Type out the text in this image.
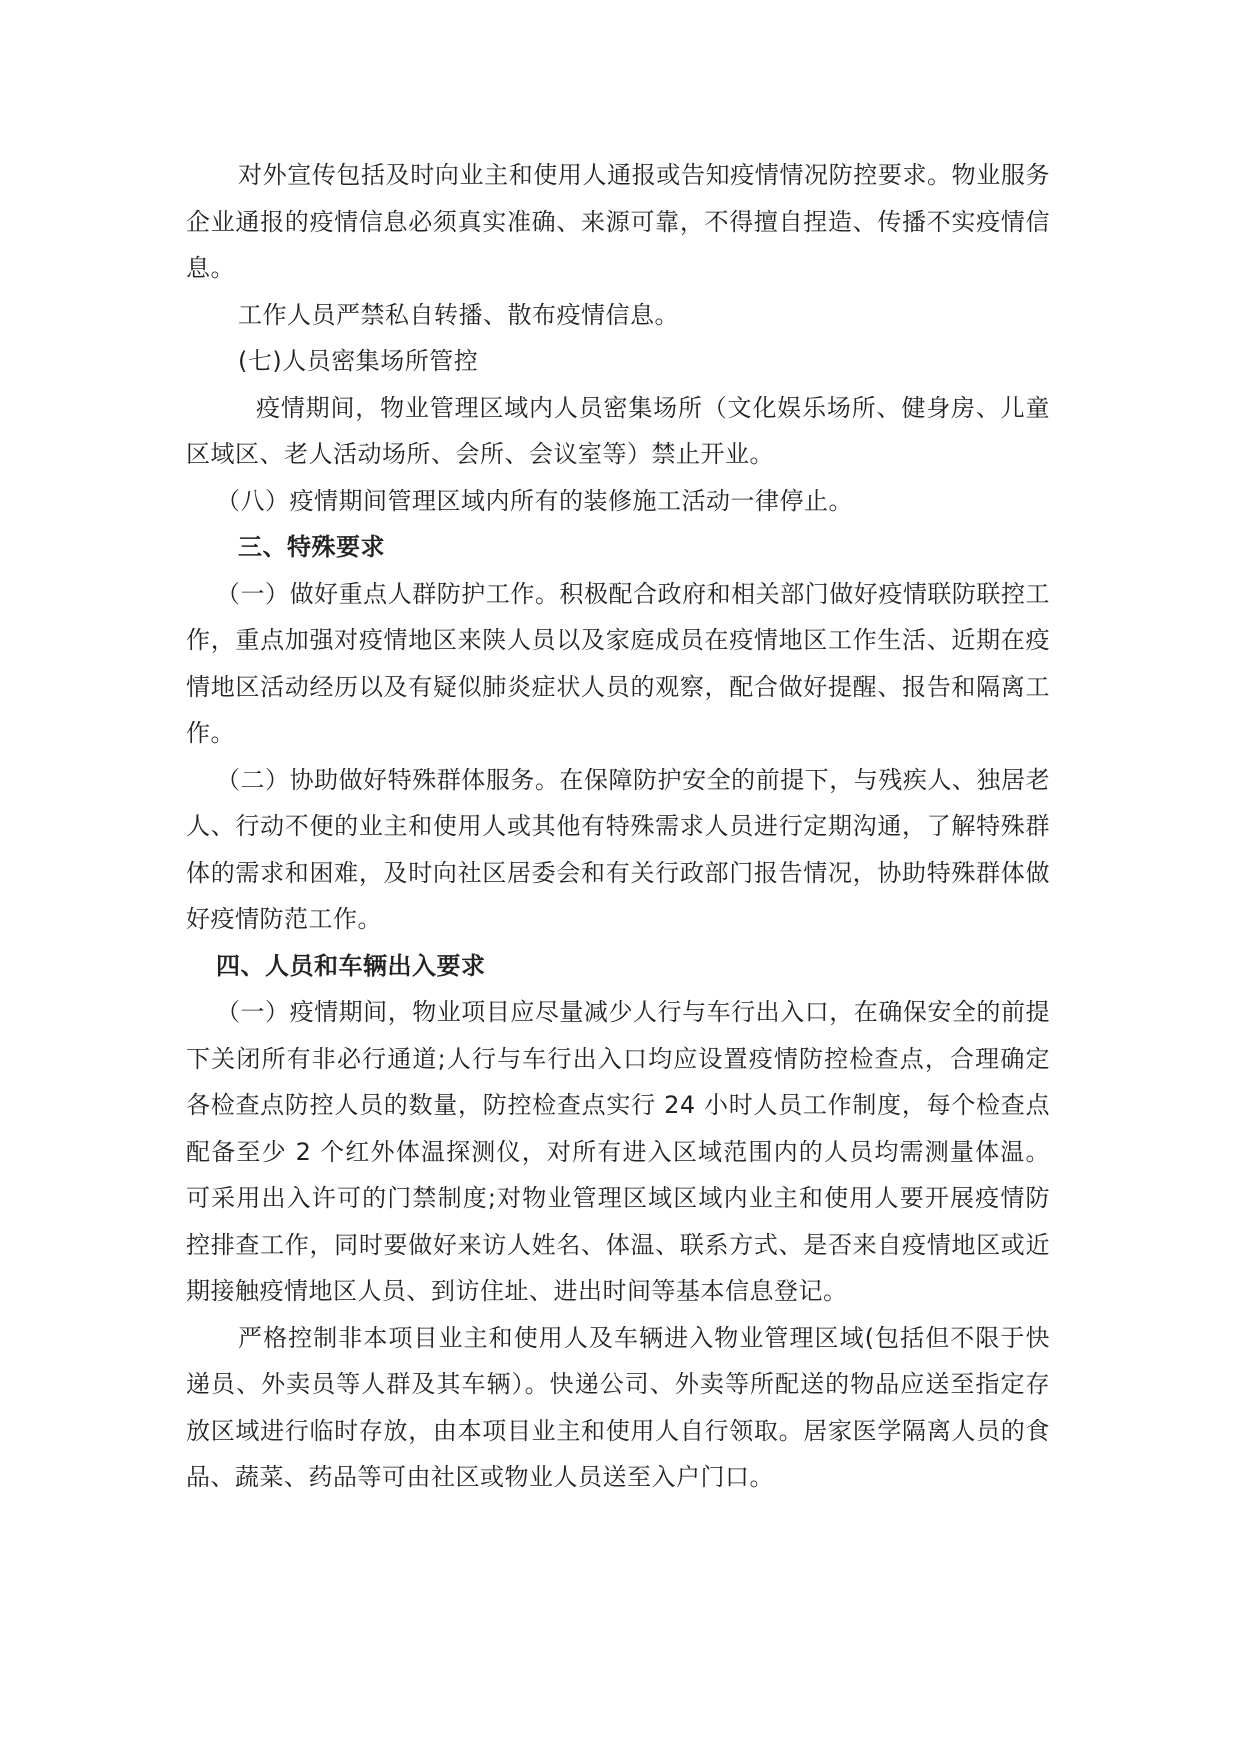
对外宣传包括及时向业主和使用人通报或告知疫情情况防控要求。物业服务企业通报的疫情信息必须真实准确、来源可靠，不得擅自捏造、传播不实疫情信息。

工作人员严禁私自转播、散布疫情信息。

(七)人员密集场所管控

疫情期间，物业管理区域内人员密集场所（文化娱乐场所、健身房、儿童区域区、老人活动场所、会所、会议室等）禁止开业。

（八）疫情期间管理区域内所有的装修施工活动一律停止。

三、特殊要求

（一）做好重点人群防护工作。积极配合政府和相关部门做好疫情联防联控工作，重点加强对疫情地区来陕人员以及家庭成员在疫情地区工作生活、近期在疫情地区活动经历以及有疑似肺炎症状人员的观察，配合做好提醒、报告和隔离工作。

（二）协助做好特殊群体服务。在保障防护安全的前提下，与残疾人、独居老人、行动不便的业主和使用人或其他有特殊需求人员进行定期沟通，了解特殊群体的需求和困难，及时向社区居委会和有关行政部门报告情况，协助特殊群体做好疫情防范工作。

四、人员和车辆出入要求

（一）疫情期间，物业项目应尽量减少人行与车行出入口，在确保安全的前提下关闭所有非必行通道;人行与车行出入口均应设置疫情防控检查点，合理确定各检查点防控人员的数量，防控检查点实行 24 小时人员工作制度，每个检查点配备至少 2 个红外体温探测仪，对所有进入区域范围内的人员均需测量体温。可采用出入许可的门禁制度;对物业管理区域区域内业主和使用人要开展疫情防控排查工作，同时要做好来访人姓名、体温、联系方式、是否来自疫情地区或近期接触疫情地区人员、到访住址、进出时间等基本信息登记。

严格控制非本项目业主和使用人及车辆进入物业管理区域(包括但不限于快递员、外卖员等人群及其车辆）。快递公司、外卖等所配送的物品应送至指定存放区域进行临时存放，由本项目业主和使用人自行领取。居家医学隔离人员的食品、蔬菜、药品等可由社区或物业人员送至入户门口。
